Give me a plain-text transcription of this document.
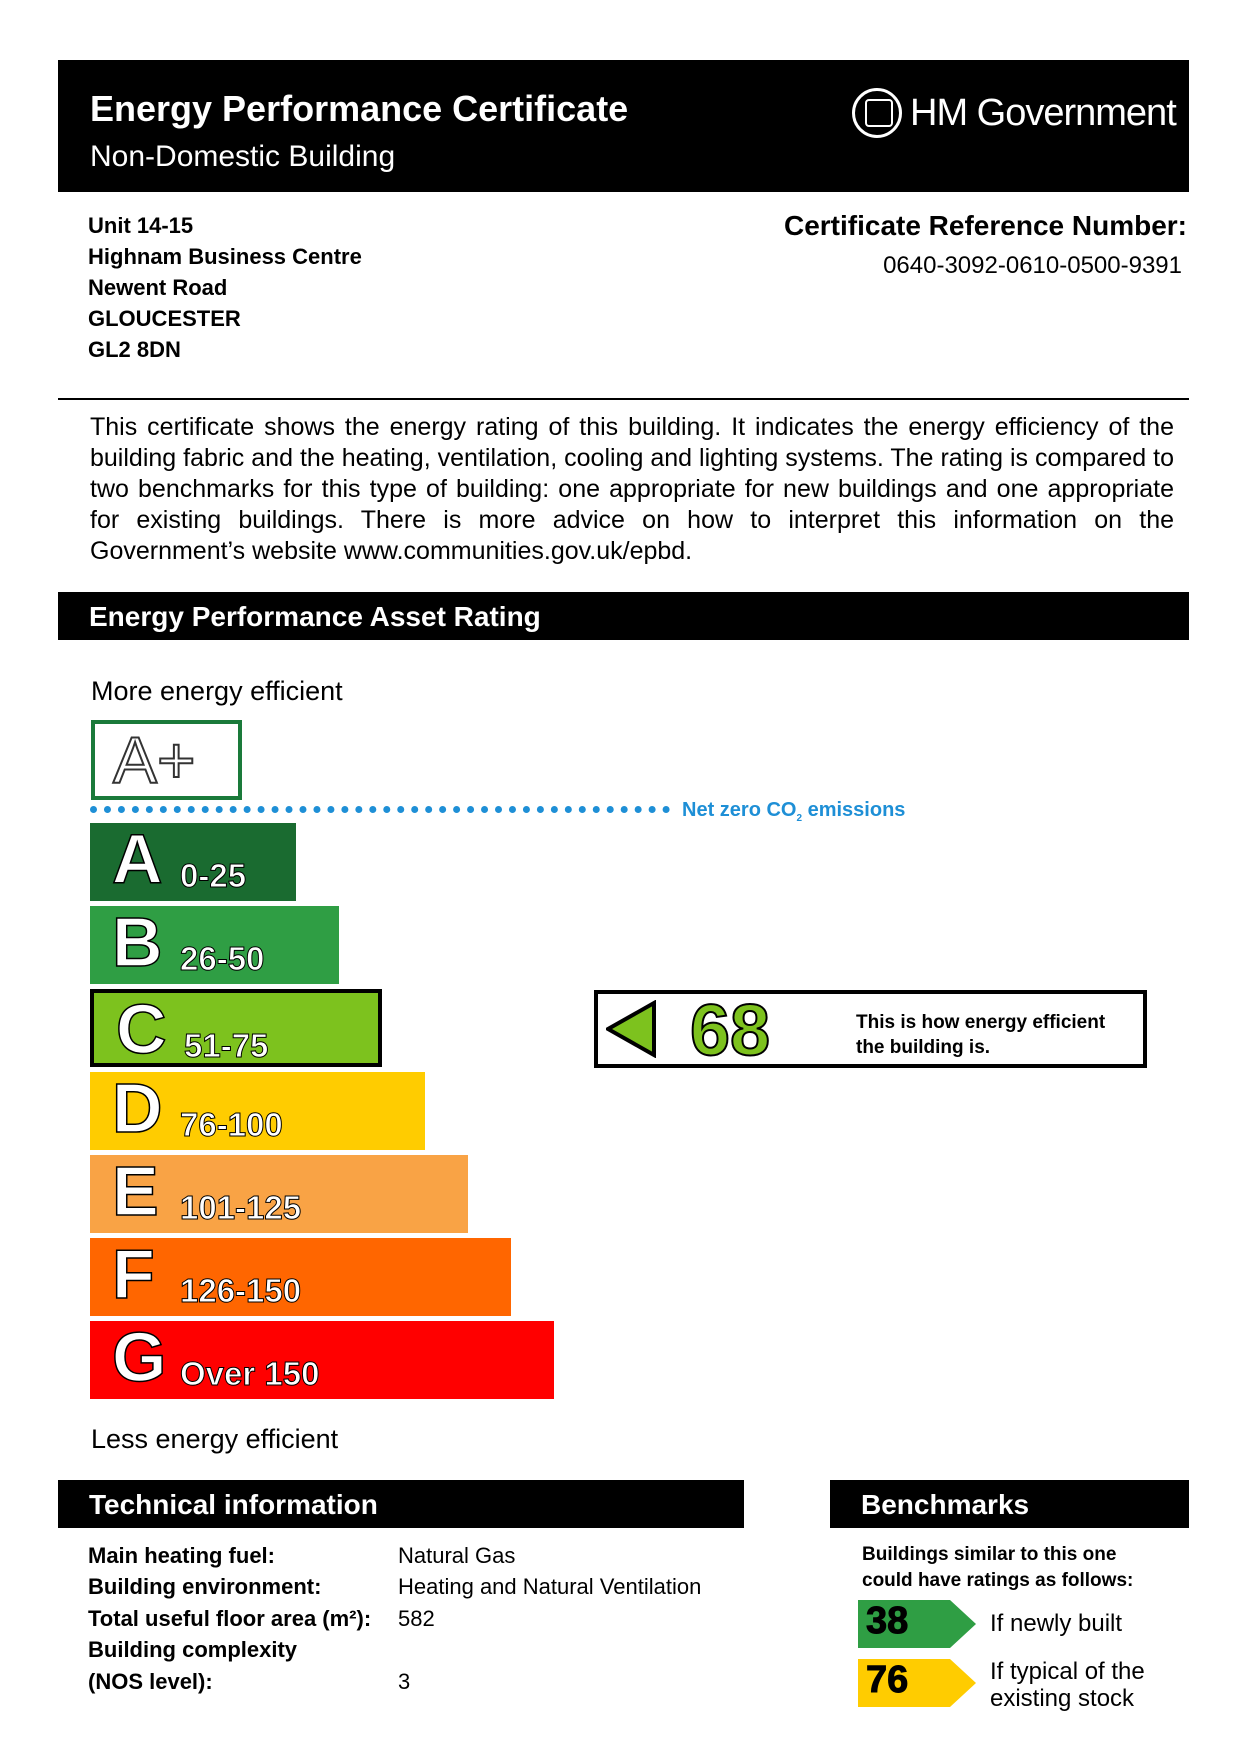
Energy Performance Certificate
Non-Domestic Building
HM Government
Unit 14-15
Highnam Business Centre
Newent Road
GLOUCESTER
GL2 8DN
Certificate Reference Number:
0640-3092-0610-0500-9391
This certificate shows the energy rating of this building. It indicates the energy efficiency of the building fabric and the heating, ventilation, cooling and lighting systems. The rating is compared to two benchmarks for this type of building: one appropriate for new buildings and one appropriate for existing buildings. There is more advice on how to interpret this information on the Government’s website www.communities.gov.uk/epbd.
Energy Performance Asset Rating
More energy efficient
A+
Net zero $CO_2$ emissions
A 0-25
B 26-50
C 51-75
D 76-100
E 101-125
F 126-150
G Over 150
68	This is how energy efficient
the building is.
Less energy efficient
Technical information
Main heating fuel:	Natural Gas
Building environment:	Heating and Natural Ventilation
Total useful floor area (m²): 582
Building complexity
(NOS level):	3
Benchmarks
Buildings similar to this one
could have ratings as follows:
38	If newly built
76	If typical of the
existing stock
